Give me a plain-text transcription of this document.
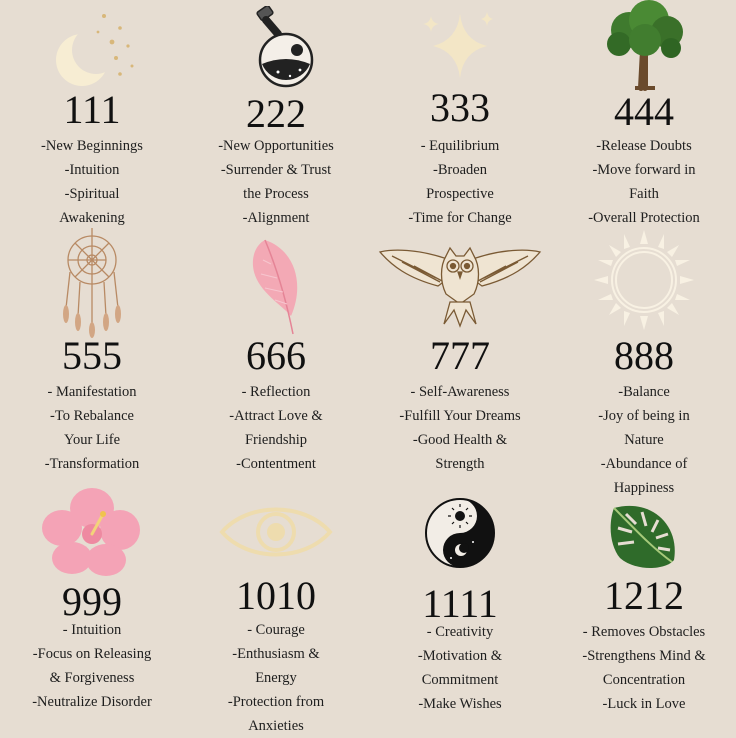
111
-New Beginnings
-Intuition
-Spiritual
Awakening
222
-New Opportunities
-Surrender & Trust
the Process
-Alignment
333
- Equilibrium
-Broaden
Prospective
-Time for Change
444
-Release Doubts
-Move forward in
Faith
-Overall Protection
555
- Manifestation
-To Rebalance
Your Life
-Transformation
666
- Reflection
-Attract Love &
Friendship
-Contentment
777
- Self-Awareness
-Fulfill Your Dreams
-Good Health &
Strength
888
-Balance
-Joy of being in
Nature
-Abundance of
Happiness
999
- Intuition
-Focus on Releasing
& Forgiveness
-Neutralize Disorder
1010
- Courage
-Enthusiasm &
Energy
-Protection from
Anxieties
1111
- Creativity
-Motivation &
Commitment
-Make Wishes
1212
- Removes Obstacles
-Strengthens Mind &
Concentration
-Luck in Love
